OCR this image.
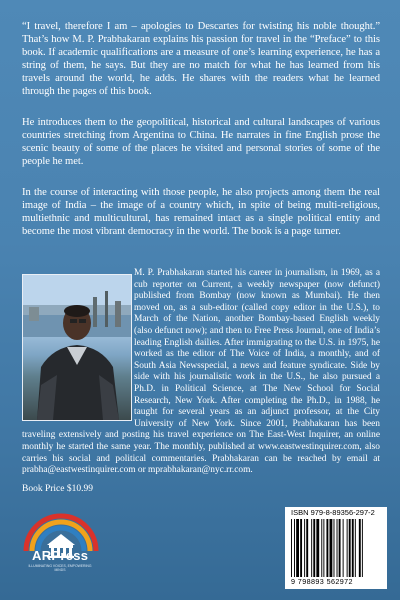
“I travel, therefore I am – apologies to Descartes for twisting his noble thought.” That’s how M. P. Prabhakaran explains his passion for travel in the “Preface” to this book. If academic qualifications are a measure of one’s learning experience, he has a string of them, he says. But they are no match for what he has learned from his travels around the world, he adds. He shares with the readers what he learned through the pages of this book.

He introduces them to the geopolitical, historical and cultural landscapes of various countries stretching from Argentina to China. He narrates in fine English prose the scenic beauty of some of the places he visited and personal stories of some of the people he met.

In the course of interacting with those people, he also projects among them the real image of India – the image of a country which, in spite of being multi-religious, multiethnic and multicultural, has remained intact as a single political entity and become the most vibrant democracy in the world. The book is a page turner.

M. P. Prabhakaran started his career in journalism, in 1969, as a cub reporter on Current, a weekly newspaper (now defunct) published from Bombay (now known as Mumbai). He then moved on, as a sub-editor (called copy editor in the U.S.), to March of the Nation, another Bombay-based English weekly (also defunct now); and then to Free Press Journal, one of India’s leading English dailies. After immigrating to the U.S. in 1975, he worked as the editor of The Voice of India, a monthly, and of South Asia Newsspecial, a news and feature syndicate. Side by side with his journalistic work in the U.S., he also pursued a Ph.D. in Political Science, at The New School for Social Research, New York. After completing the Ph.D., in 1988, he taught for several years as an adjunct professor, at the City University of New York. Since 2001, Prabhakaran has been traveling extensively and posting his travel experience on The East-West Inquirer, an online monthly he started the same year. The monthly, published at www.eastwestinquirer.com, also carries his social and political commentaries. Prabhakaran can be reached by email at prabha@eastwestinquirer.com or mprabhakaran@nyc.rr.com.

Book Price $10.99

ARPress
ILLUMINATING VOICES, EMPOWERING MINDS
ISBN 979-8-89356-297-2
9 798893 562972
